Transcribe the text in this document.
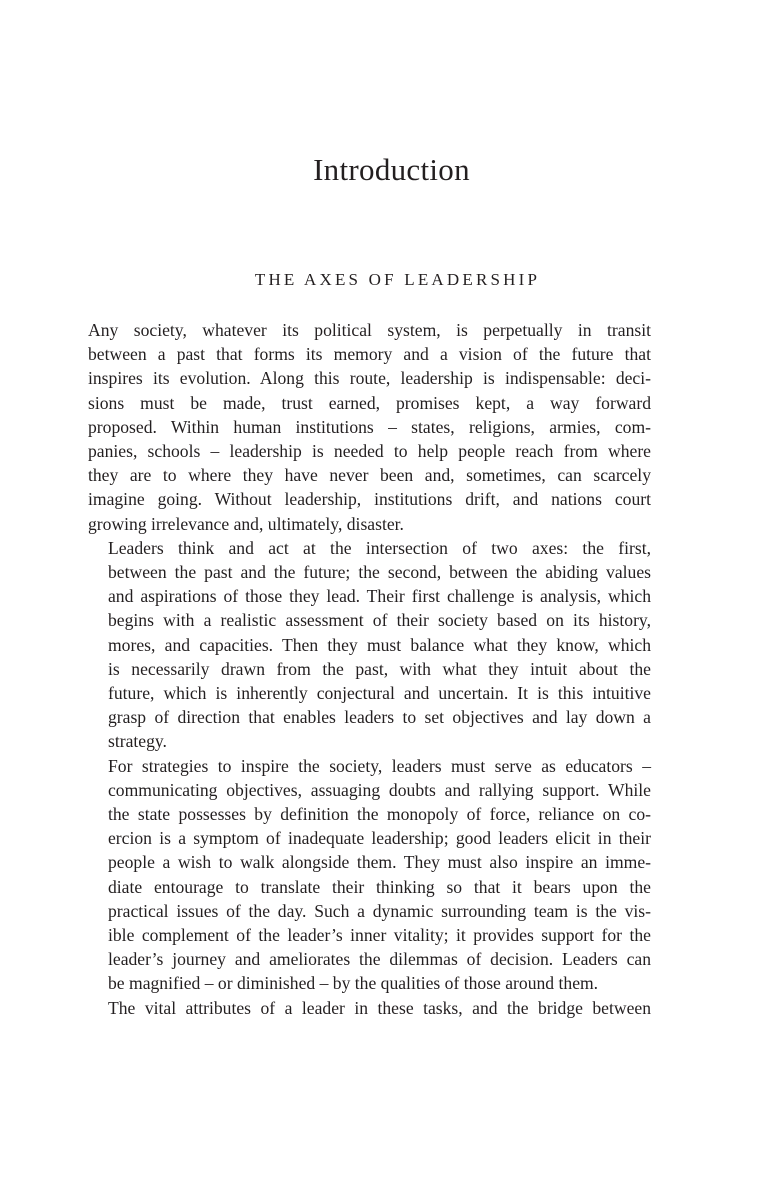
Introduction
THE AXES OF LEADERSHIP

Any society, whatever its political system, is perpetually in transit
between a past that forms its memory and a vision of the future that
inspires its evolution. Along this route, leadership is indispensable: deci-
sions must be made, trust earned, promises kept, a way forward
proposed. Within human institutions – states, religions, armies, com-
panies, schools – leadership is needed to help people reach from where
they are to where they have never been and, sometimes, can scarcely
imagine going. Without leadership, institutions drift, and nations court
growing irrelevance and, ultimately, disaster.

Leaders think and act at the intersection of two axes: the first,
between the past and the future; the second, between the abiding values
and aspirations of those they lead. Their first challenge is analysis, which
begins with a realistic assessment of their society based on its history,
mores, and capacities. Then they must balance what they know, which
is necessarily drawn from the past, with what they intuit about the
future, which is inherently conjectural and uncertain. It is this intuitive
grasp of direction that enables leaders to set objectives and lay down a
strategy.

For strategies to inspire the society, leaders must serve as educators –
communicating objectives, assuaging doubts and rallying support. While
the state possesses by definition the monopoly of force, reliance on co-
ercion is a symptom of inadequate leadership; good leaders elicit in their
people a wish to walk alongside them. They must also inspire an imme-
diate entourage to translate their thinking so that it bears upon the
practical issues of the day. Such a dynamic surrounding team is the vis-
ible complement of the leader’s inner vitality; it provides support for the
leader’s journey and ameliorates the dilemmas of decision. Leaders can
be magnified – or diminished – by the qualities of those around them.

The vital attributes of a leader in these tasks, and the bridge between
